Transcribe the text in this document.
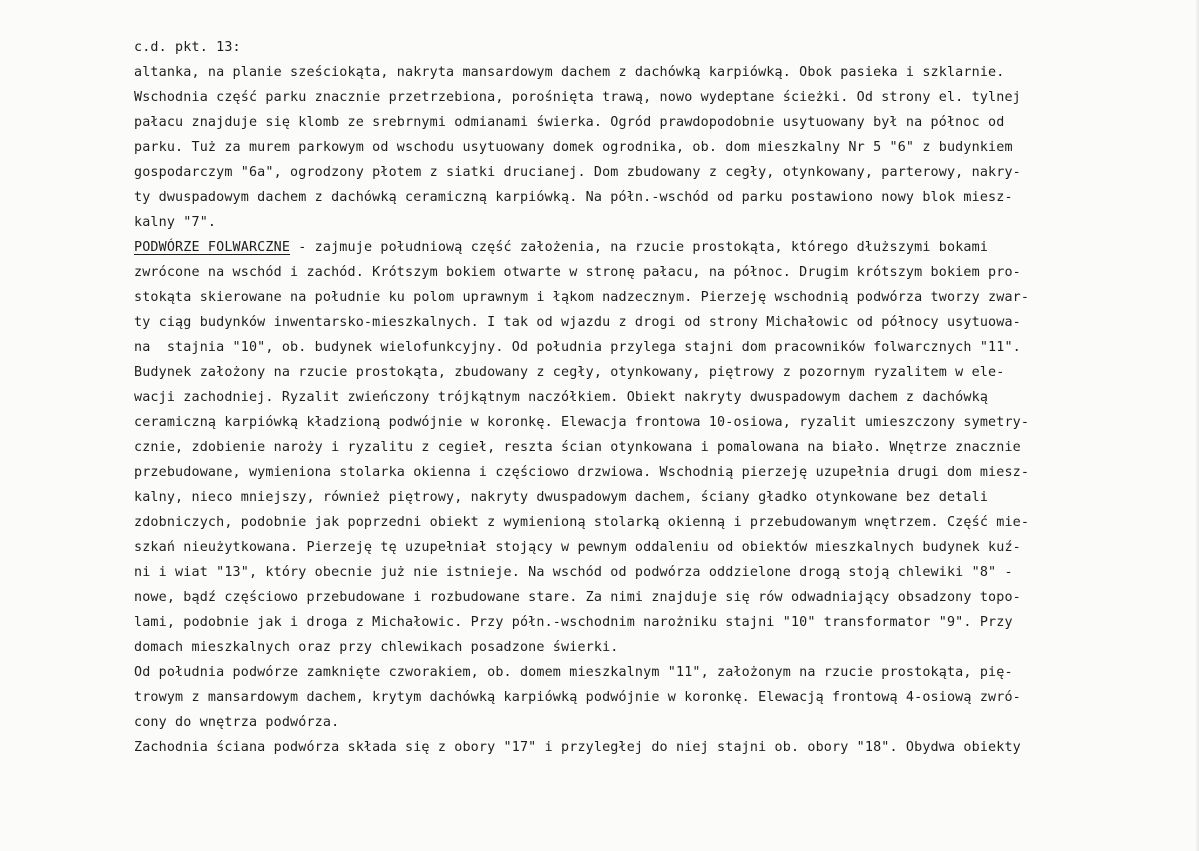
c.d. pkt. 13:
altanka, na planie sześciokąta, nakryta mansardowym dachem z dachówką karpiówką. Obok pasieka i szklarnie.
Wschodnia część parku znacznie przetrzebiona, porośnięta trawą, nowo wydeptane ścieżki. Od strony el. tylnej
pałacu znajduje się klomb ze srebrnymi odmianami świerka. Ogród prawdopodobnie usytuowany był na północ od
parku. Tuż za murem parkowym od wschodu usytuowany domek ogrodnika, ob. dom mieszkalny Nr 5 "6" z budynkiem
gospodarczym "6a", ogrodzony płotem z siatki drucianej. Dom zbudowany z cegły, otynkowany, parterowy, nakry-
ty dwuspadowym dachem z dachówką ceramiczną karpiówką. Na półn.-wschód od parku postawiono nowy blok miesz-
kalny "7".
PODWÓRZE FOLWARCZNE - zajmuje południową część założenia, na rzucie prostokąta, którego dłuższymi bokami
zwrócone na wschód i zachód. Krótszym bokiem otwarte w stronę pałacu, na północ. Drugim krótszym bokiem pro-
stokąta skierowane na południe ku polom uprawnym i łąkom nadzecznym. Pierzeję wschodnią podwórza tworzy zwar-
ty ciąg budynków inwentarsko-mieszkalnych. I tak od wjazdu z drogi od strony Michałowic od północy usytuowa-
na  stajnia "10", ob. budynek wielofunkcyjny. Od południa przylega stajni dom pracowników folwarcznych "11".
Budynek założony na rzucie prostokąta, zbudowany z cegły, otynkowany, piętrowy z pozornym ryzalitem w ele-
wacji zachodniej. Ryzalit zwieńczony trójkątnym naczółkiem. Obiekt nakryty dwuspadowym dachem z dachówką
ceramiczną karpiówką kładzioną podwójnie w koronkę. Elewacja frontowa 10-osiowa, ryzalit umieszczony symetry-
cznie, zdobienie naroży i ryzalitu z cegieł, reszta ścian otynkowana i pomalowana na biało. Wnętrze znacznie
przebudowane, wymieniona stolarka okienna i częściowo drzwiowa. Wschodnią pierzeję uzupełnia drugi dom miesz-
kalny, nieco mniejszy, również piętrowy, nakryty dwuspadowym dachem, ściany gładko otynkowane bez detali
zdobniczych, podobnie jak poprzedni obiekt z wymienioną stolarką okienną i przebudowanym wnętrzem. Część mie-
szkań nieużytkowana. Pierzeję tę uzupełniał stojący w pewnym oddaleniu od obiektów mieszkalnych budynek kuź-
ni i wiat "13", który obecnie już nie istnieje. Na wschód od podwórza oddzielone drogą stoją chlewiki "8" -
nowe, bądź częściowo przebudowane i rozbudowane stare. Za nimi znajduje się rów odwadniający obsadzony topo-
lami, podobnie jak i droga z Michałowic. Przy półn.-wschodnim narożniku stajni "10" transformator "9". Przy
domach mieszkalnych oraz przy chlewikach posadzone świerki.
Od południa podwórze zamknięte czworakiem, ob. domem mieszkalnym "11", założonym na rzucie prostokąta, pię-
trowym z mansardowym dachem, krytym dachówką karpiówką podwójnie w koronkę. Elewacją frontową 4-osiową zwró-
cony do wnętrza podwórza.
Zachodnia ściana podwórza składa się z obory "17" i przyległej do niej stajni ob. obory "18". Obydwa obiekty
